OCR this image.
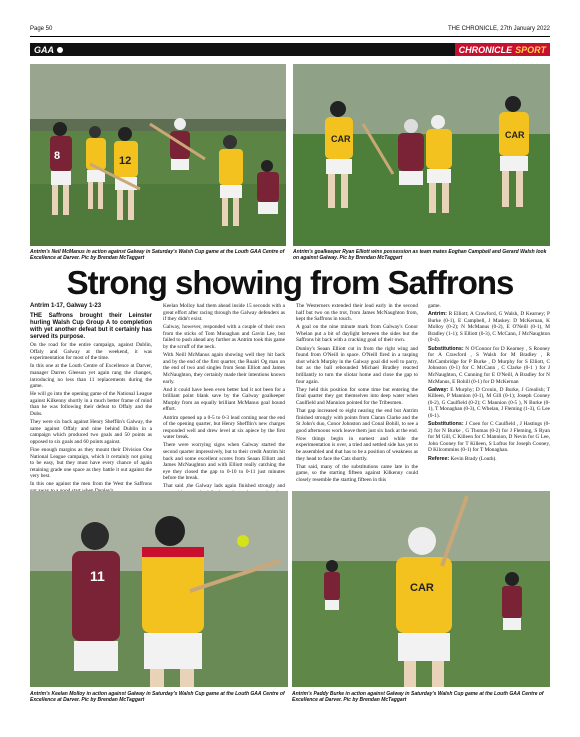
Page 50	THE CHRONICLE, 27th January 2022
GAA	CHRONICLE SPORT
8	12
Antrim's Neil McManus in action against Galway in Saturday's Walsh Cup game at the Louth GAA Centre of Excellence at Darver. Pic by Brendan McTaggart
CAR	CAR
Antrim's goalkeeper Ryan Elliott wins possession as team mates Eoghan Campbell and Gerard Walsh look on against Galway. Pic by Brendan McTaggart
Strong showing from Saffrons
Antrim 1-17, Galway 1-23

THE Saffrons brought their Leinster hurling Walsh Cup Group A to completion with yet another defeat but it certainly has served its purpose.

On the road for the entire campaign, against Dublin, Offaly and Galway at the weekend, it was experimentation for most of the time.

In this one at the Louth Centre of Excellence at Darver, manager Darren Gleeson yet again rang the changes, introducing no less than 11 replacements during the game.

He will go into the opening game of the National League against Kilkenny shortly in a much better frame of mind than he was following their defeat to Offaly and the Dubs.

They were six back against Henry Shefflin's Galway, the same against Offaly and nine behind Dublin in a campaign which produced two goals and 50 points as opposed to six goals and 60 points against.

Fine enough margins as they mount their Division One National League campaign, which it certainly not going to be easy, but they must have every chance of again retaining grade one space as they battle it out against the very best.

In this one against the men from the West the Saffrons

Keelan Molloy had them ahead inside 15 seconds with a great effort after racing through the Galway defenders as if they didn't exist.

Galway, however, responded with a couple of their own from the sticks of Tom Monaghan and Gavin Lee, but failed to push ahead any further as Antrim took this game by the scruff of the neck.

With Neill McManus again showing well they hit back and by the end of the first quarter, the Ruairi Og man on the end of two and singles from Sean Elliott and James McNaughton, they certainly made their intentions known early.

And it could have been even better had it not been for a brilliant point blank save by the Galway goalkeeper Murphy from an equally brilliant McManus goal bound effort.

Antrim opened up a 0-5 to 0-3 lead coming near the end of the opening quarter, but Henry Shefflin's new charges responded well and drew level at six apiece by the first water break.

There were worrying signs when Galway started the second quarter impressively, but to their credit Antrim hit back and some excellent scores from Seaan Elliott and James McNaughton and with Elliott really catching the eye they closed the gap to 0-10 to 0-11 just minutes before the break.

That said ,the Galway lads again finished strongly and

The Westerners extended their lead early in the second half but two on the trot, from James McNaughton from, kept the Saffrons in touch.

A goal on the nine minute mark from Galway's Conor Whelan put a bit of daylight between the sides but the Saffrons hit back with a cracking goal of their own.

Dunloy's Seaan Elliott cut in from the right wing and found from O'Neill in space. O'Neill fired in a rasping shot which Murphy in the Galway goal did well to parry, but as the ball rebounded Michael Bradley reacted brilliantly to turn the sliotar home and close the gap to four again.

They held this position for some time but entering the final quarter they got themselves into deep water when Caulfield and Mannion pointed for the Tribesmen.

That gap increased to eight nearing the end but Antrim finished strongly with points from Ciaran Clarke and the St John's duo, Conor Johnston and Conal Bohill, to see a good afternoons work leave them just six back at the end.

Now things begin in earnest and while the experimentation is over, a tried and settled side has yet to be assembled and that has to be a position of weakness as they head to face the Cats shortly.

That said, many of the substitutions came late in the game, so the starting fifteen against Kilkenny could closely resemble the starting fifteen in this

game.

Antrim: R Elliott; A Crawford, G Walsh, D Kearney; P Burke (0-1), E Campbell, J Maskey. D McKernan, K Molloy (0-2); N McManus (0-2), E O'Neill (0-1), M Bradley (1-1); S Elliott (0-3), C McCann, J McNaughton (0-4).

Substitutions: N O'Connor for D Kearney , S Rooney for A Crawford , S Walsh for M Bradley , R McCambridge for P Burke , D Murphy for S Elliott, C Johnston (0-1) for C McCann , C Clarke (0-1 ) for J McNaughton, C Cunning for E O'Neill, A Bradley for N McManus, E Bohill (0-1) for D McKernan

Galway: E Murphy; D Cronin, D Burke, J Grealish; T Killeen, P Mannion (0-1), M Gill (0-1); Joseph Cooney (0-2), G Caulfield (0-2); C Mannion (0-5 ), N Burke (0-1), T Monaghan (0-3), C Whelan, J Fleming (1-3), G Lee (0-1).

Substitutions: J Coen for C Caulfield , J Hastings (0-2) for N Burke , G Thomas (0-2) for J Fleming, S Ryan for M Gill, C Killeen for C Mannion, D Nevin for G Lee, John Cooney for T Killeen, S Loftus for Joseph Cooney, D Kilcommins (0-1) for T Monaghan.

Referee: Kevin Brady (Louth).

11
Antrim's Keelan Molloy in action against Galway in Saturday's Walsh Cup game at the Louth GAA Centre of Excellence at Darver. Pic by Brendan McTaggart
CAR
Antrim's Paddy Burke in action against Galway in Saturday's Walsh Cup game at the Louth GAA Centre of Excellence at Darver. Pic by Brendan McTaggart
